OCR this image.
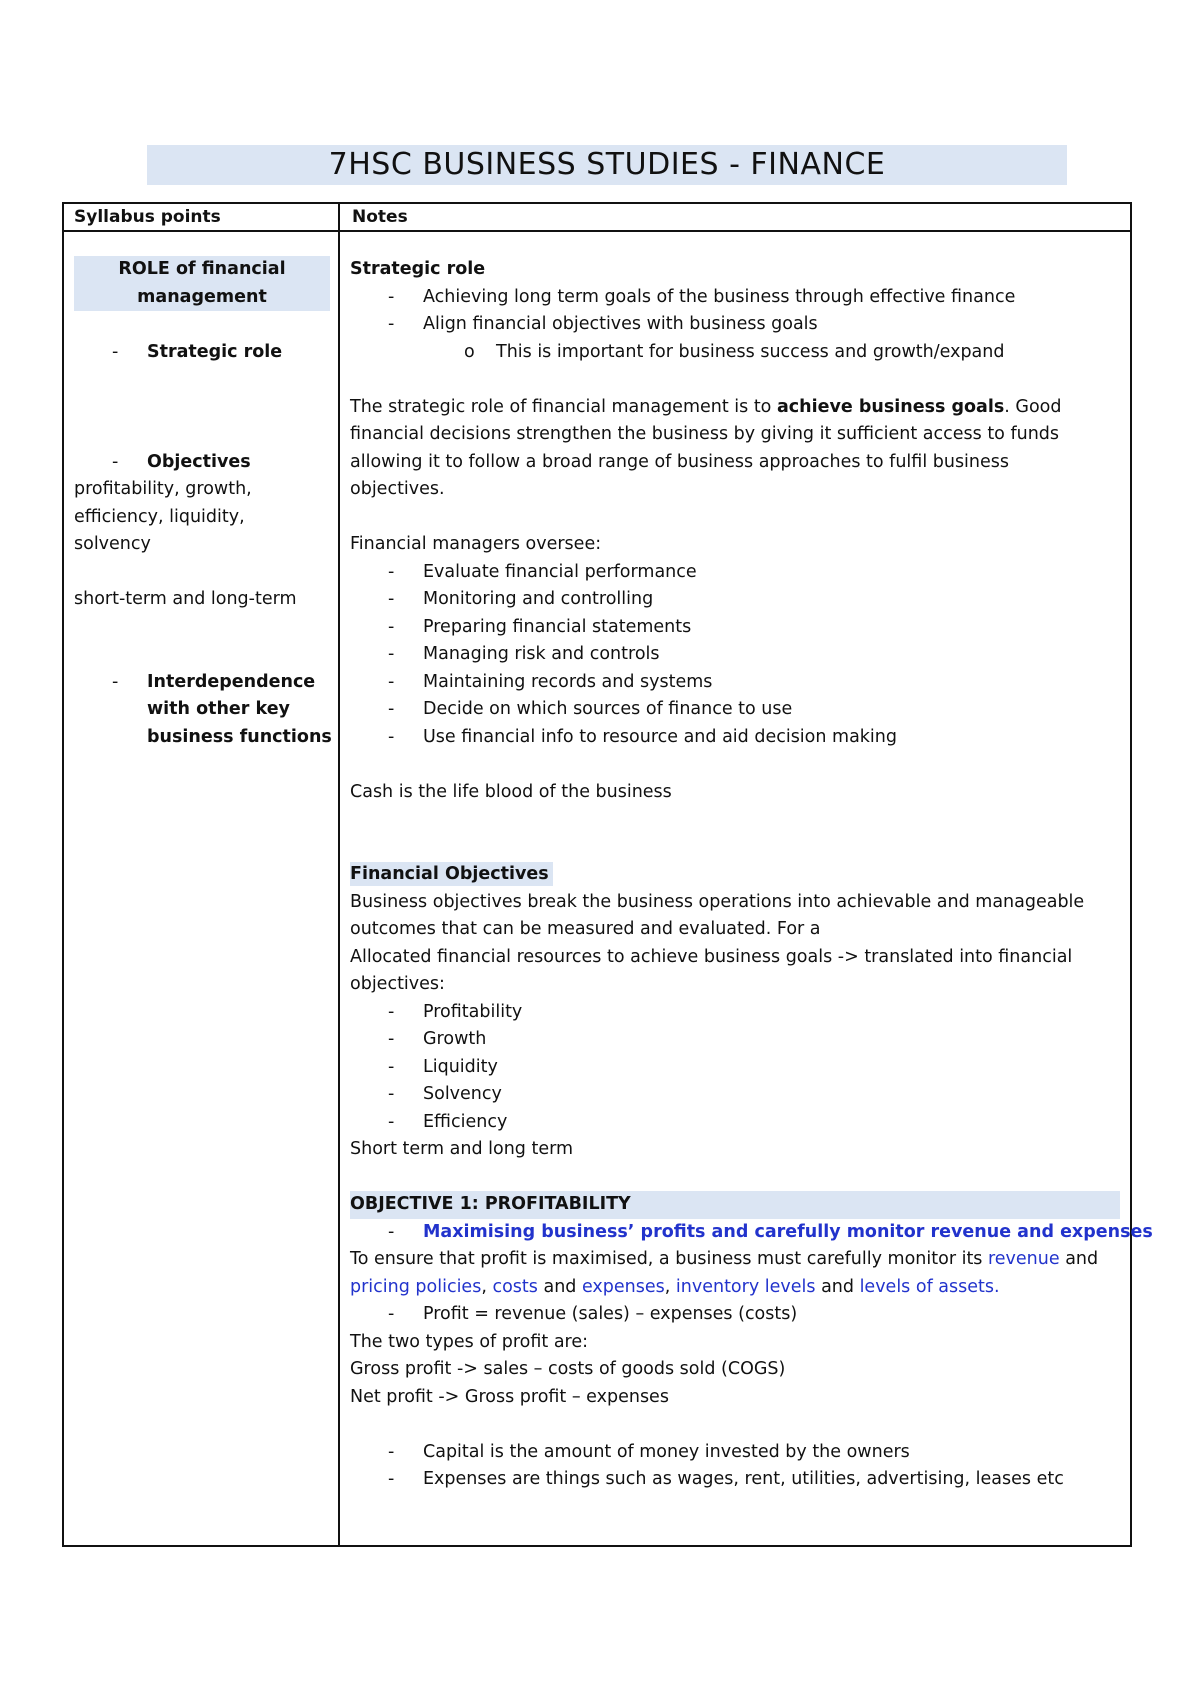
7HSC BUSINESS STUDIES - FINANCE
Syllabus points	Notes
ROLE of financial
management
- Strategic role
- Objectives
profitability, growth,
efficiency, liquidity,
solvency
short-term and long-term
- Interdependence
with other key
business functions
Strategic role
- Achieving long term goals of the business through effective finance
- Align financial objectives with business goals
o This is important for business success and growth/expand
The strategic role of financial management is to achieve business goals. Good
financial decisions strengthen the business by giving it sufficient access to funds
allowing it to follow a broad range of business approaches to fulfil business
objectives.
Financial managers oversee:
- Evaluate financial performance
- Monitoring and controlling
- Preparing financial statements
- Managing risk and controls
- Maintaining records and systems
- Decide on which sources of finance to use
- Use financial info to resource and aid decision making
Cash is the life blood of the business
Financial Objectives
Business objectives break the business operations into achievable and manageable
outcomes that can be measured and evaluated. For a
Allocated financial resources to achieve business goals -> translated into financial
objectives:
- Profitability
- Growth
- Liquidity
- Solvency
- Efficiency
Short term and long term
OBJECTIVE 1: PROFITABILITY
- Maximising business’ profits and carefully monitor revenue and expenses
To ensure that profit is maximised, a business must carefully monitor its revenue and
pricing policies, costs and expenses, inventory levels and levels of assets.
- Profit = revenue (sales) – expenses (costs)
The two types of profit are:
Gross profit -> sales – costs of goods sold (COGS)
Net profit -> Gross profit – expenses
- Capital is the amount of money invested by the owners
- Expenses are things such as wages, rent, utilities, advertising, leases etc
